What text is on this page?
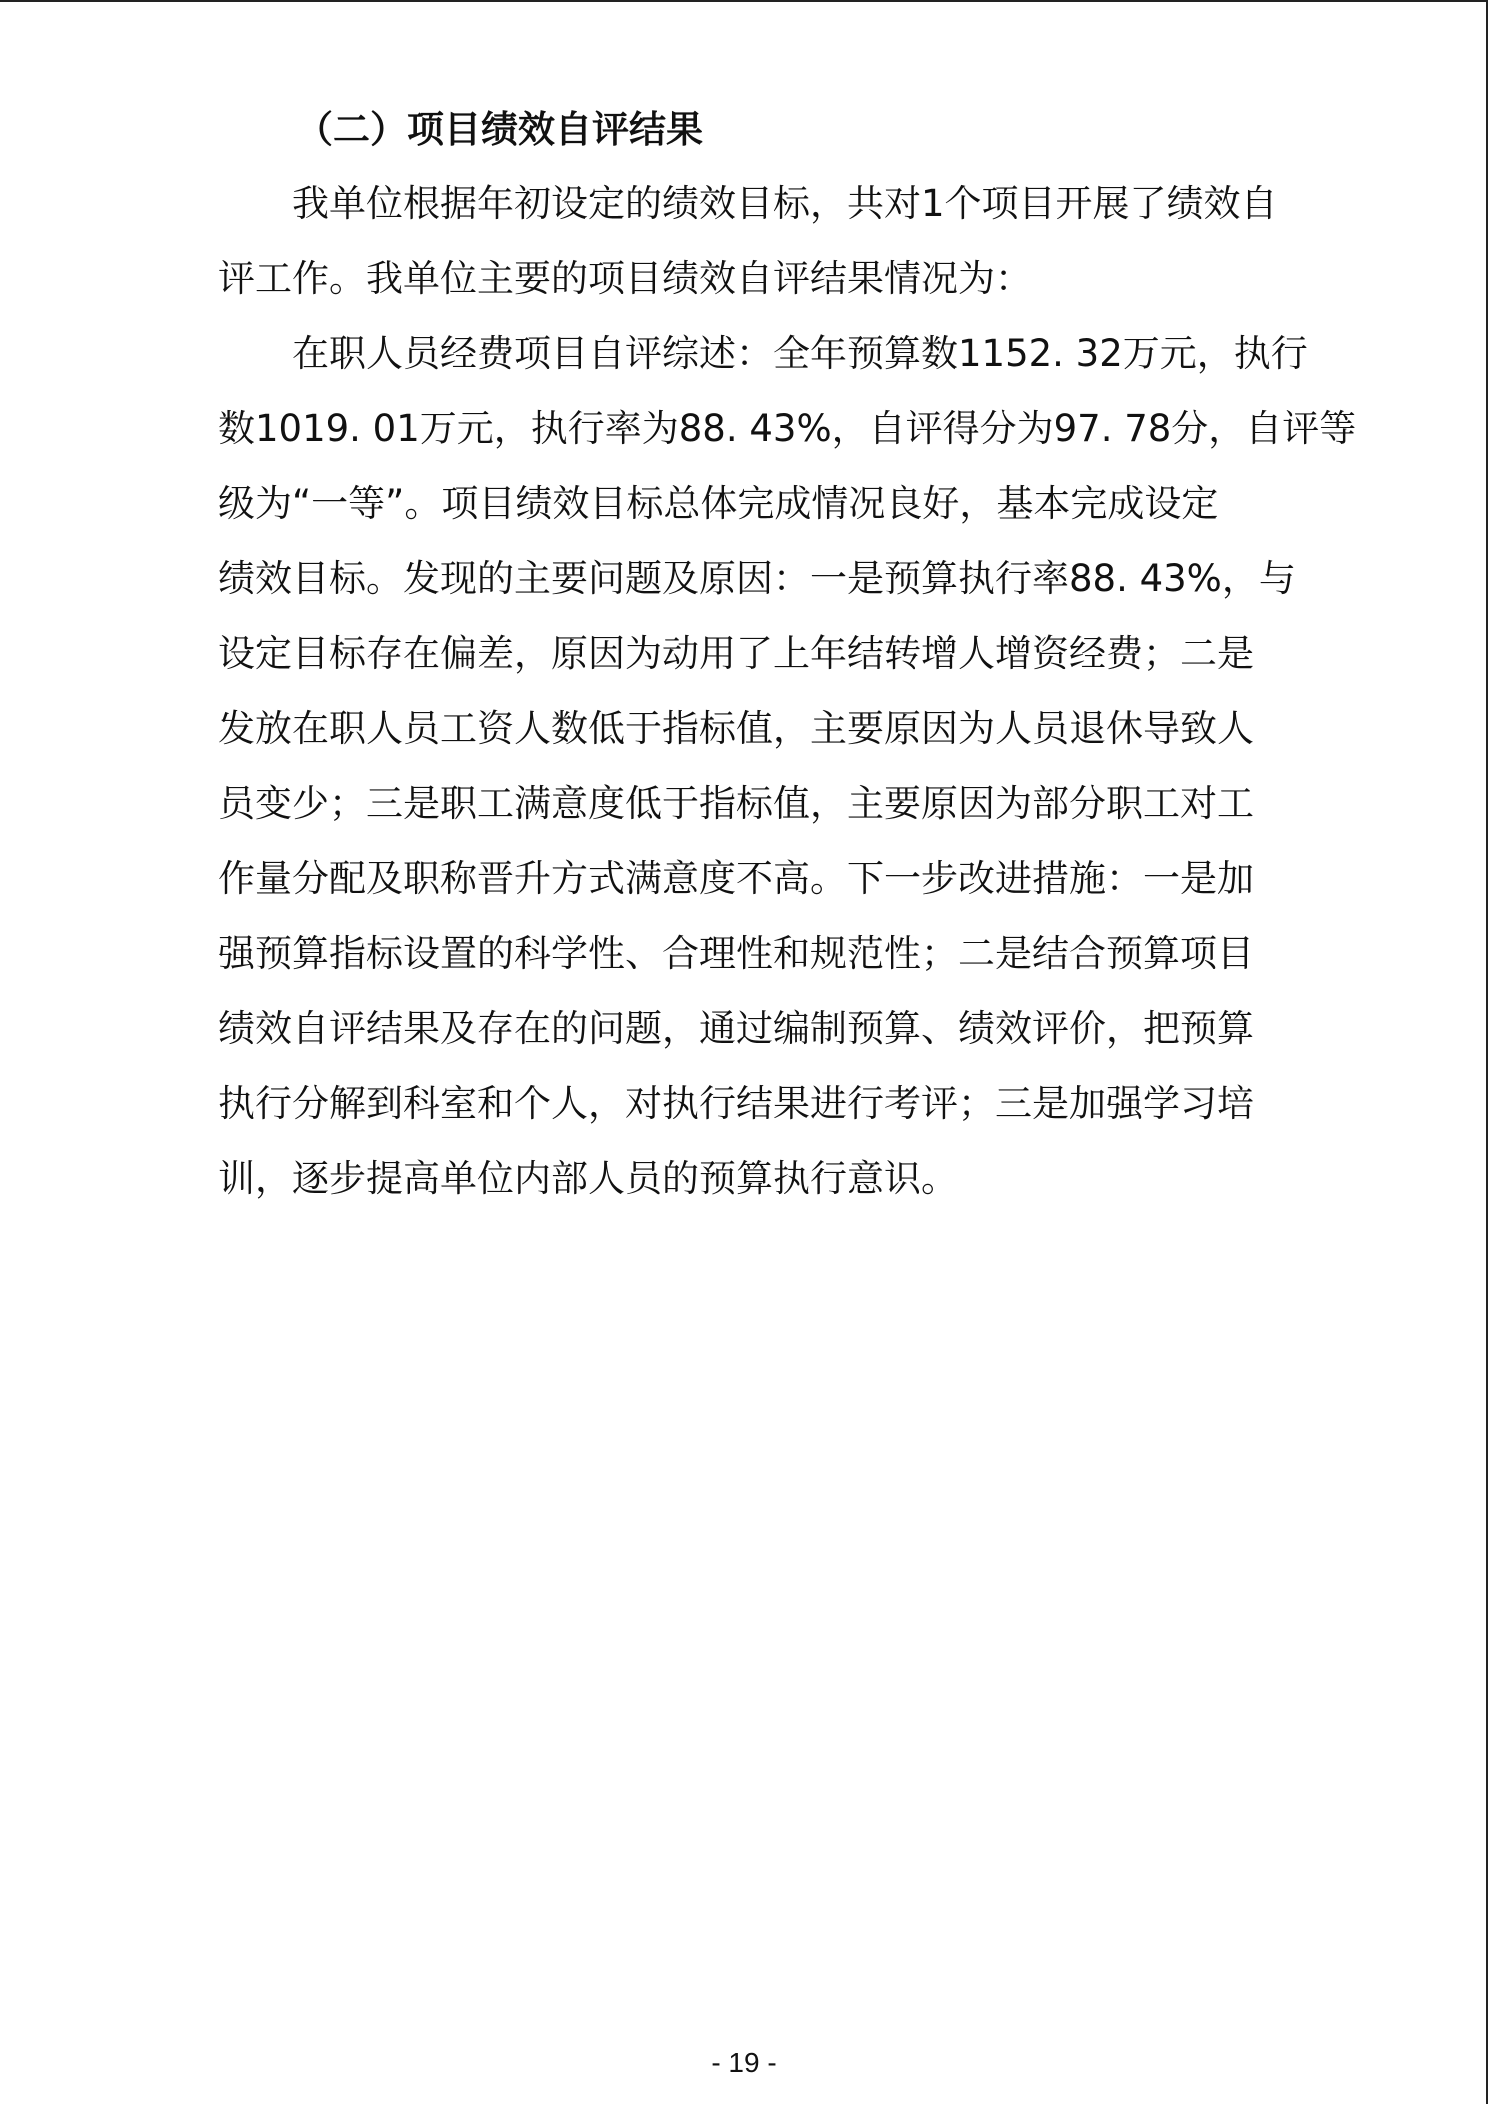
（二）项目绩效自评结果
我单位根据年初设定的绩效目标，共对1个项目开展了绩效自
评工作。我单位主要的项目绩效自评结果情况为：
在职人员经费项目自评综述：全年预算数1152. 32万元，执行
数1019. 01万元，执行率为88. 43%，自评得分为97. 78分，自评等
级为“一等”。项目绩效目标总体完成情况良好，基本完成设定
绩效目标。发现的主要问题及原因：一是预算执行率88. 43%，与
设定目标存在偏差，原因为动用了上年结转增人增资经费；二是
发放在职人员工资人数低于指标值，主要原因为人员退休导致人
员变少；三是职工满意度低于指标值，主要原因为部分职工对工
作量分配及职称晋升方式满意度不高。下一步改进措施：一是加
强预算指标设置的科学性、合理性和规范性；二是结合预算项目
绩效自评结果及存在的问题，通过编制预算、绩效评价，把预算
执行分解到科室和个人，对执行结果进行考评；三是加强学习培
训，逐步提高单位内部人员的预算执行意识。
- 19 -
